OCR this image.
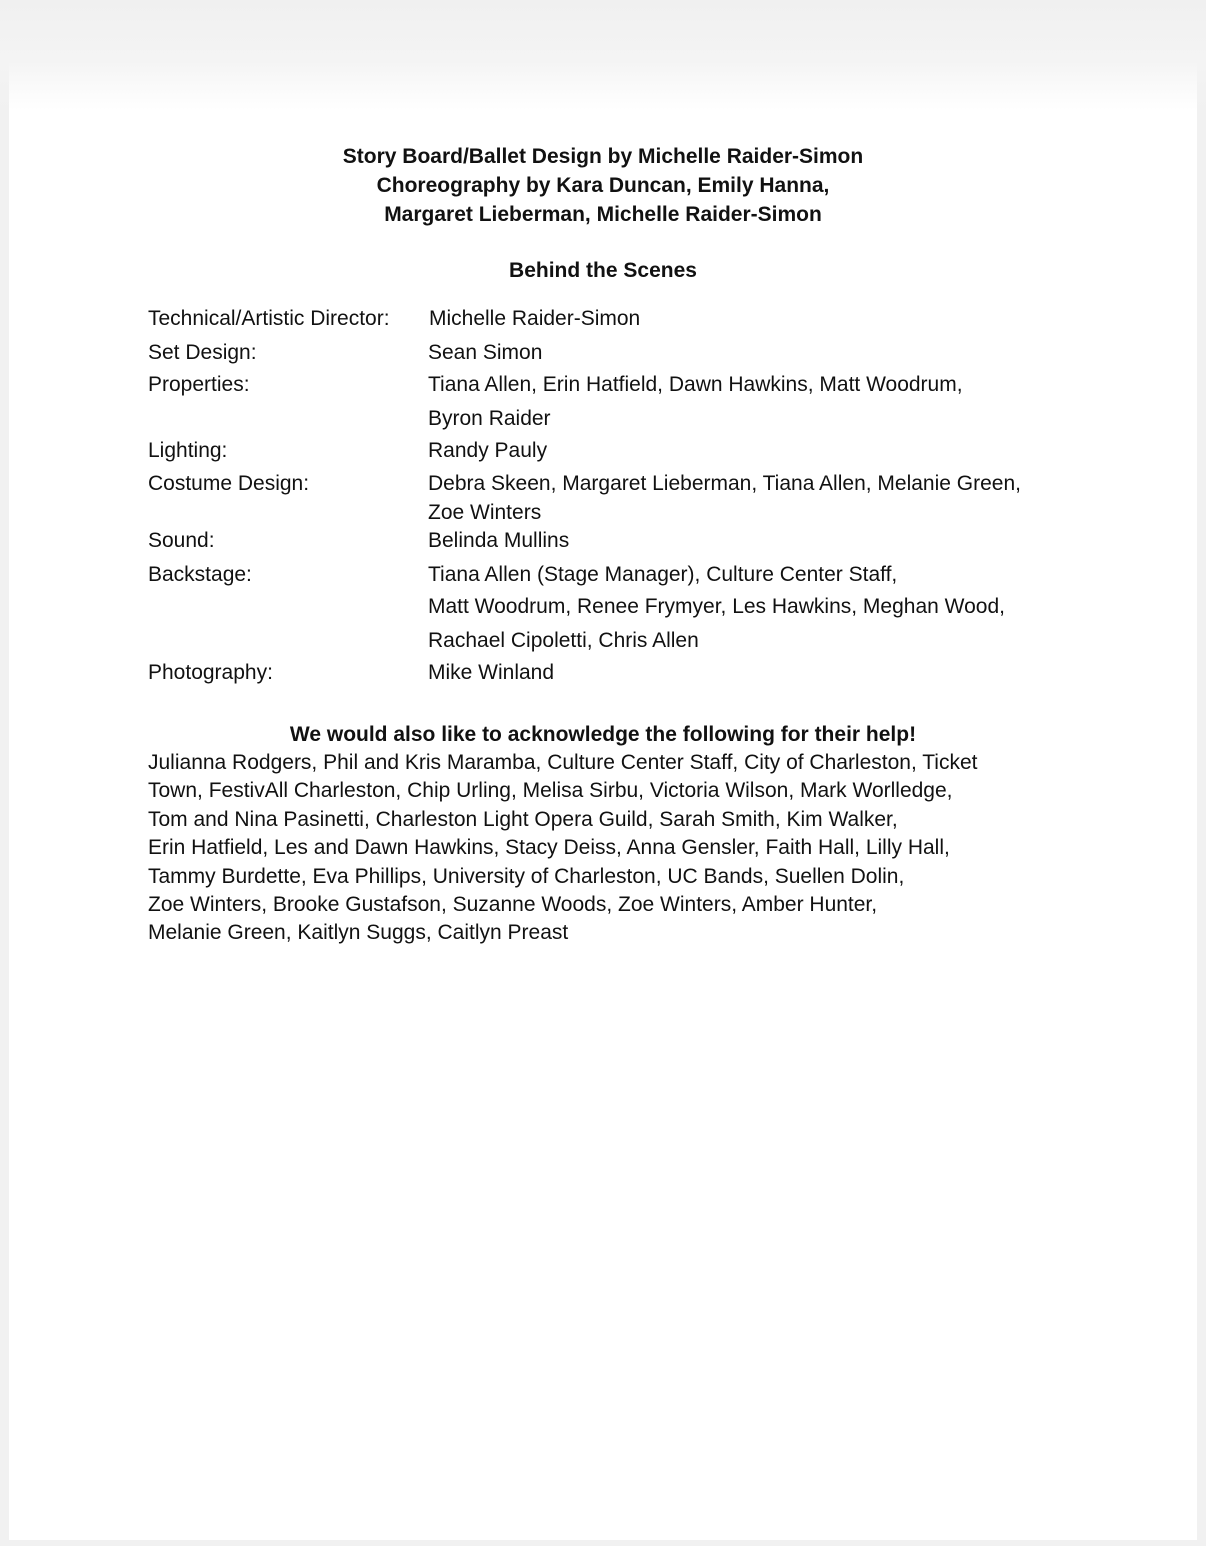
Story Board/Ballet Design by Michelle Raider-Simon
Choreography by Kara Duncan, Emily Hanna,
Margaret Lieberman, Michelle Raider-Simon
Behind the Scenes
Technical/Artistic Director: Michelle Raider-Simon
Set Design:	Sean Simon
Properties:	Tiana Allen, Erin Hatfield, Dawn Hawkins, Matt Woodrum,
Byron Raider
Lighting:	Randy Pauly
Costume Design:	Debra Skeen, Margaret Lieberman, Tiana Allen, Melanie Green,
Zoe Winters
Sound:	Belinda Mullins
Backstage:	Tiana Allen (Stage Manager), Culture Center Staff,
Matt Woodrum, Renee Frymyer, Les Hawkins, Meghan Wood,
Rachael Cipoletti, Chris Allen
Photography:	Mike Winland
We would also like to acknowledge the following for their help!
Julianna Rodgers, Phil and Kris Maramba, Culture Center Staff, City of Charleston, Ticket
Town, FestivAll Charleston, Chip Urling, Melisa Sirbu, Victoria Wilson, Mark Worlledge,
Tom and Nina Pasinetti, Charleston Light Opera Guild, Sarah Smith, Kim Walker,
Erin Hatfield, Les and Dawn Hawkins, Stacy Deiss, Anna Gensler, Faith Hall, Lilly Hall,
Tammy Burdette, Eva Phillips, University of Charleston, UC Bands, Suellen Dolin,
Zoe Winters, Brooke Gustafson, Suzanne Woods, Zoe Winters, Amber Hunter,
Melanie Green, Kaitlyn Suggs, Caitlyn Preast
